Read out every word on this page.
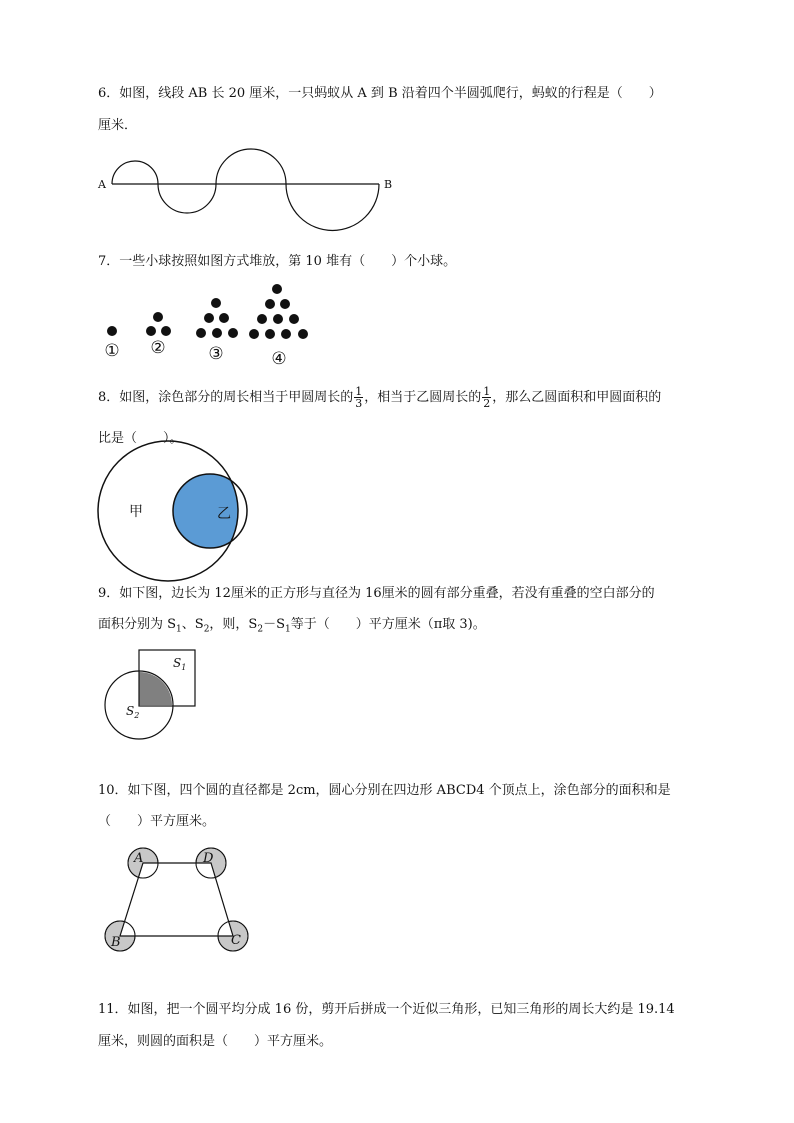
6．如图，线段 AB 长 20 厘米，一只蚂蚁从 A 到 B 沿着四个半圆弧爬行，蚂蚁的行程是（　　）
厘米．
A	B
7．一些小球按照如图方式堆放，第 10 堆有（　　）个小球。
① ②	③	④
8．如图，涂色部分的周长相当于甲圆周长的 $\frac{1}{3}$ ，相当于乙圆周长的 $\frac{1}{2}$ ，那么乙圆面积和甲圆面积的
比是（　　）。
甲	乙
9．如下图，边长为 12厘米的正方形与直径为 16厘米的圆有部分重叠，若没有重叠的空白部分的
面积分别为 $S_1$、$S_2$，则，$S_2-S_1$等于（　　）平方厘米（π取 3)。
$S_1$
$S_2$
10．如下图，四个圆的直径都是 2cm，圆心分别在四边形 ABCD4 个顶点上，涂色部分的面积和是
（　　）平方厘米。
A	D
B	C
11．如图，把一个圆平均分成 16 份，剪开后拼成一个近似三角形，已知三角形的周长大约是 19.14
厘米，则圆的面积是（　　）平方厘米。
